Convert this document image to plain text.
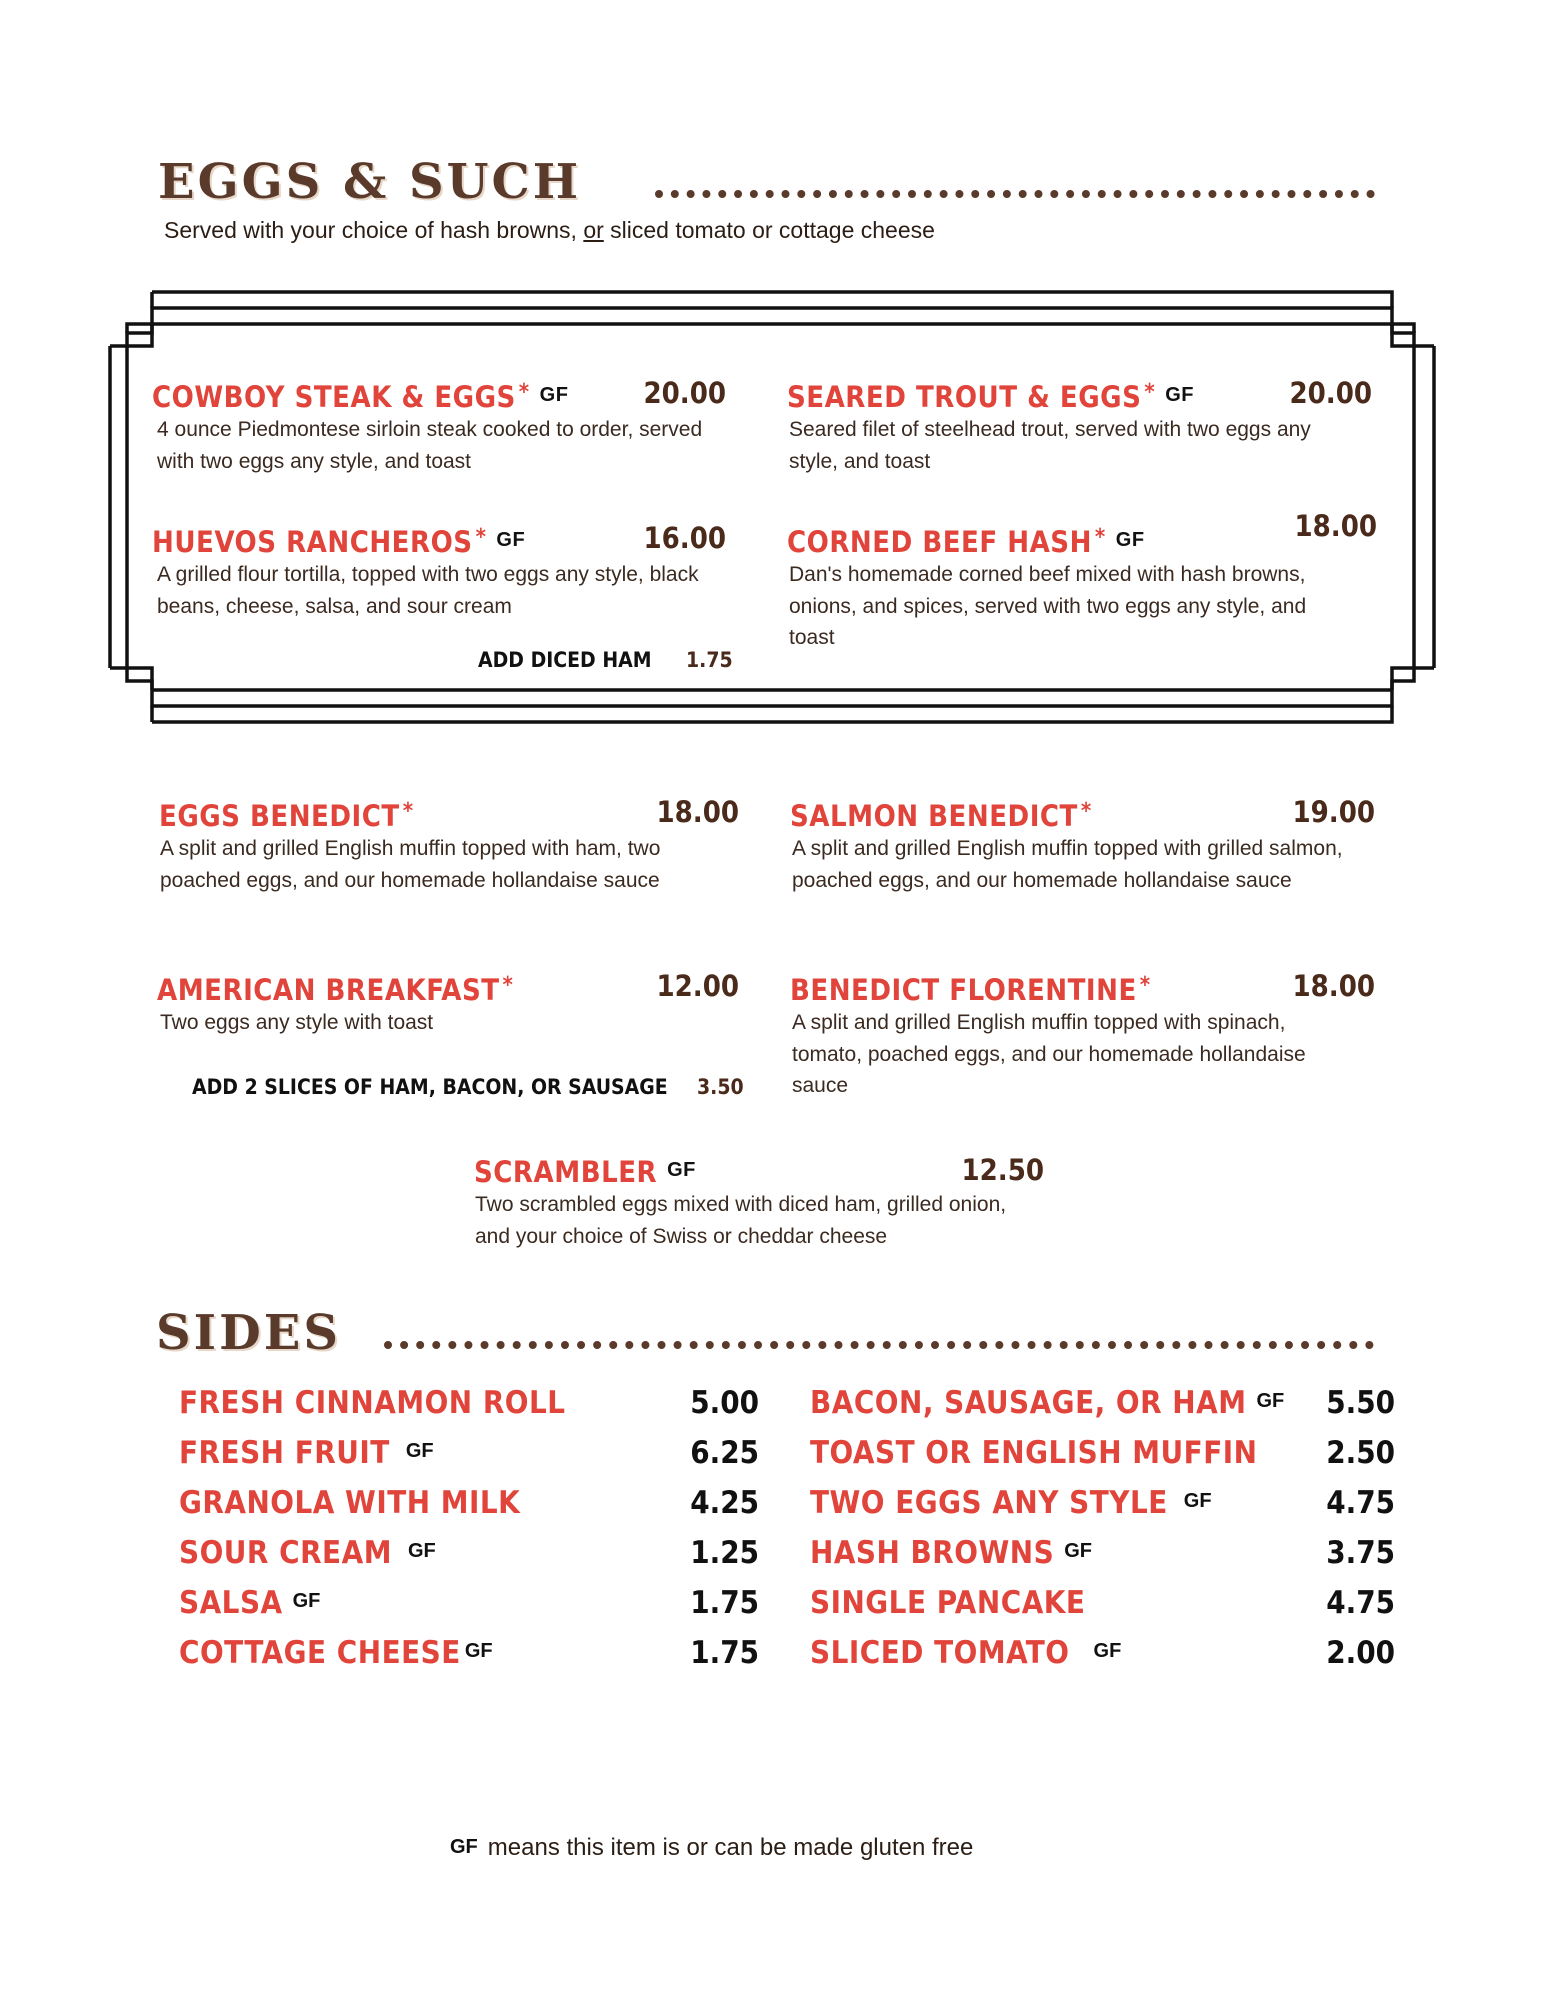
EGGS & SUCH
Served with your choice of hash browns, or sliced tomato or cottage cheese
COWBOY STEAK & EGGS * $^{GF}$	20.00
4 ounce Piedmontese sirloin steak cooked to order, served with two eggs any style, and toast
SEARED TROUT & EGGS * $^{GF}$	20.00
Seared filet of steelhead trout, served with two eggs any style, and toast
HUEVOS RANCHEROS * $^{GF}$	16.00
A grilled flour tortilla, topped with two eggs any style, black beans, cheese, salsa, and sour cream
ADD DICED HAM 1.75
CORNED BEEF HASH * $^{GF}$	18.00
Dan's homemade corned beef mixed with hash browns, onions, and spices, served with two eggs any style, and toast
EGGS BENEDICT *	18.00
A split and grilled English muffin topped with ham, two poached eggs, and our homemade hollandaise sauce
SALMON BENEDICT *	19.00
A split and grilled English muffin topped with grilled salmon, poached eggs, and our homemade hollandaise sauce
AMERICAN BREAKFAST *	12.00
Two eggs any style with toast
ADD 2 SLICES OF HAM, BACON, OR SAUSAGE 3.50
BENEDICT FLORENTINE *	18.00
A split and grilled English muffin topped with spinach, tomato, poached eggs, and our homemade hollandaise sauce
SCRAMBLER $^{GF}$	12.50
Two scrambled eggs mixed with diced ham, grilled onion, and your choice of Swiss or cheddar cheese
SIDES
FRESH CINNAMON ROLL	5.00
FRESH FRUIT GF	6.25
GRANOLA WITH MILK	4.25
SOUR CREAM GF	1.25
SALSA GF	1.75
COTTAGE CHEESE GF	1.75
BACON, SAUSAGE, OR HAM GF 5.50
TOAST OR ENGLISH MUFFIN 2.50
TWO EGGS ANY STYLE GF	4.75
HASH BROWNS GF	3.75
SINGLE PANCAKE	4.75
SLICED TOMATO GF	2.00
GF means this item is or can be made gluten free
